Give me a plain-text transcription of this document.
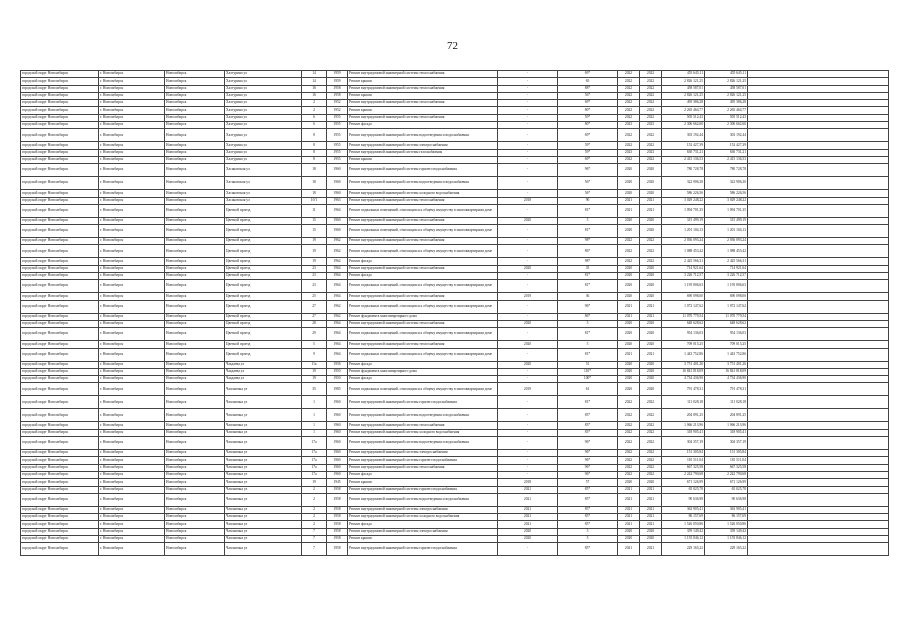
72
городской округ Новосибирск	г. Новосибирск	Новосибирск	Халтурина ул	14	1959	Ремонт внутридомовой инженерной системы теплоснабжения	-	69*	2022	2022	455 645,11	455 645,11	
городской округ Новосибирск	г. Новосибирск	Новосибирск	Халтурина ул	14	1959	Ремонт крыши	-	65	2022	2022	2 826 121,25	2 826 121,25	
городской округ Новосибирск	г. Новосибирск	Новосибирск	Халтурина ул	16	1958	Ремонт внутридомовой инженерной системы теплоснабжения	-	88*	2022	2022	458 587,01	458 587,01	
городской округ Новосибирск	г. Новосибирск	Новосибирск	Халтурина ул	16	1958	Ремонт крыши	-	56*	2022	2022	2 826 121,25	2 826 121,25	
городской округ Новосибирск	г. Новосибирск	Новосибирск	Халтурина ул	2	1952	Ремонт внутридомовой инженерной системы теплоснабжения	-	69*	2022	2022	495 386,28	495 386,28	
городской округ Новосибирск	г. Новосибирск	Новосибирск	Халтурина ул	2	1952	Ремонт крыши	-	80*	2022	2022	2 265 464,77	2 265 464,77	
городской округ Новосибирск	г. Новосибирск	Новосибирск	Халтурина ул	6	1955	Ремонт внутридомовой инженерной системы теплоснабжения	-	59*	2022	2022	505 512,43	505 512,43	
городской округ Новосибирск	г. Новосибирск	Новосибирск	Халтурина ул	6	1955	Ремонт фасада	-	80*	2023	2023	2 306 662,60	2 306 662,60	
городской округ Новосибирск	г. Новосибирск	Новосибирск	Халтурина ул	8	1955	Ремонт внутридомовой инженерной системы водоотведения и водоснабжения	-	69*	2022	2022	303 192,44	303 192,44	
городской округ Новосибирск	г. Новосибирск	Новосибирск	Халтурина ул	8	1955	Ремонт внутридомовой инженерной системы электроснабжения	-	59*	2022	2022	152 427,39	152 427,39	
городской округ Новосибирск	г. Новосибирск	Новосибирск	Халтурина ул	8	1955	Ремонт внутридомовой инженерной системы газоснабжения	-	59*	2023	2023	630 731,21	630 731,21	
городской округ Новосибирск	г. Новосибирск	Новосибирск	Халтурина ул	8	1955	Ремонт крыши	-	69*	2022	2022	2 415 136,53	2 415 136,53	
городской округ Новосибирск	г. Новосибирск	Новосибирск	Хасановская ул	18	1960	Ремонт внутридомовой инженерной системы горячего водоснабжения	-	96*	2020	2020	780 728,78	780 728,78	
городской округ Новосибирск	г. Новосибирск	Новосибирск	Хасановская ул	18	1960	Ремонт внутридомовой инженерной системы водоотведения и водоснабжения	-	56*	2020	2020	322 906,30	322 906,30	
городской округ Новосибирск	г. Новосибирск	Новосибирск	Хасановская ул	18	1960	Ремонт внутридомовой инженерной системы холодного водоснабжения	-	56*	2020	2020	586 226,56	586 226,56	
городской округ Новосибирск	г. Новосибирск	Новосибирск	Хасановская ул	10/1	1963	Ремонт внутридомовой инженерной системы теплоснабжения	2018	90	2021	2021	3 029 248,22	3 029 248,22	
городской округ Новосибирск	г. Новосибирск	Новосибирск	Цветной проезд	11	1964	Ремонт подвальных помещений, относящихся к общему имуществу в многоквартирном доме	-	81*	2021	2021	1 094 701,35	1 094 701,35	
городской округ Новосибирск	г. Новосибирск	Новосибирск	Цветной проезд	15	1960	Ремонт внутридомовой инженерной системы теплоснабжения	2020	5	2020	2020	315 499,19	315 499,19	
городской округ Новосибирск	г. Новосибирск	Новосибирск	Цветной проезд	15	1960	Ремонт подвальных помещений, относящихся к общему имуществу в многоквартирном доме	-	81*	2020	2020	1 201 104,13	1 201 104,13	
городской округ Новосибирск	г. Новосибирск	Новосибирск	Цветной проезд	19	1962	Ремонт внутридомовой инженерной системы теплоснабжения	-	98*	2022	2022	2 036 093,24	2 036 093,24	
городской округ Новосибирск	г. Новосибирск	Новосибирск	Цветной проезд	19	1962	Ремонт подвальных помещений, относящихся к общему имуществу в многоквартирном доме	-	86*	2022	2022	1 088 453,42	1 088 453,42	
городской округ Новосибирск	г. Новосибирск	Новосибирск	Цветной проезд	19	1962	Ремонт фасада	-	98*	2022	2022	2 425 566,31	2 425 566,31	
городской округ Новосибирск	г. Новосибирск	Новосибирск	Цветной проезд	23	1964	Ремонт внутридомовой инженерной системы теплоснабжения	2020	35	2020	2020	714 921,64	714 921,64	
городской округ Новосибирск	г. Новосибирск	Новосибирск	Цветной проезд	23	1964	Ремонт фасада	-	81*	2020	2020	3 226 712,57	3 226 712,57	
городской округ Новосибирск	г. Новосибирск	Новосибирск	Цветной проезд	23	1964	Ремонт подвальных помещений, относящихся к общему имуществу в многоквартирном доме	-	81*	2020	2020	1 195 806,63	1 195 806,63	
городской округ Новосибирск	г. Новосибирск	Новосибирск	Цветной проезд	25	1964	Ремонт внутридомовой инженерной системы теплоснабжения	2019	36	2020	2020	690 098,00	690 098,00	
городской округ Новосибирск	г. Новосибирск	Новосибирск	Цветной проезд	27	1962	Ремонт подвальных помещений, относящихся к общему имуществу в многоквартирном доме	-	96*	2021	2021	1 072 147,62	1 072 147,62	
городской округ Новосибирск	г. Новосибирск	Новосибирск	Цветной проезд	27	1962	Ремонт фундамента многоквартирного дома	-	86*	2021	2021	11 070 779,54	11 070 779,54	
городской округ Новосибирск	г. Новосибирск	Новосибирск	Цветной проезд	28	1964	Ремонт внутридомовой инженерной системы теплоснабжения	2020	5	2020	2020	648 628,62	648 628,62	
городской округ Новосибирск	г. Новосибирск	Новосибирск	Цветной проезд	29	1964	Ремонт подвальных помещений, относящихся к общему имуществу в многоквартирном доме	-	81*	2020	2020	954 136,03	954 136,03	
городской округ Новосибирск	г. Новосибирск	Новосибирск	Цветной проезд	5	1964	Ремонт внутридомовой инженерной системы теплоснабжения	2020	5	2020	2020	709 015,25	709 015,25	
городской округ Новосибирск	г. Новосибирск	Новосибирск	Цветной проезд	9	1964	Ремонт подвальных помещений, относящихся к общему имуществу в многоквартирном доме	-	81*	2021	2021	1 443 752,86	1 443 752,86	
городской округ Новосибирск	г. Новосибирск	Новосибирск	Чаадаева ул	11а	1956	Ремонт фасада	2020	51	2020	2020	3 751 401,26	3 751 401,26	
городской округ Новосибирск	г. Новосибирск	Новосибирск	Чаадаева ул	19	1950	Ремонт фундамента многоквартирного дома	-	110*	2020	2020	16 841 818,09	16 841 818,09	
городской округ Новосибирск	г. Новосибирск	Новосибирск	Чаадаева ул	19	1950	Ремонт фасада	-	100*	2020	2020	4 734 436,90	4 734 436,90	
городской округ Новосибирск	г. Новосибирск	Новосибирск	Чаплыгина ул	35	1985	Ремонт подвальных помещений, относящихся к общему имуществу в многоквартирном доме	2019	61	2020	2020	791 478,31	791 478,31	
городской округ Новосибирск	г. Новосибирск	Новосибирск	Чаплыгина ул	1	1960	Ремонт внутридомовой инженерной системы горячего водоснабжения	-	81*	2022	2022	111 028,18	111 028,18	
городской округ Новосибирск	г. Новосибирск	Новосибирск	Чаплыгина ул	1	1960	Ремонт внутридомовой инженерной системы водоотведения и водоснабжения	-	83*	2022	2022	204 891,25	204 891,25	
городской округ Новосибирск	г. Новосибирск	Новосибирск	Чаплыгина ул	1	1960	Ремонт внутридомовой инженерной системы теплоснабжения	-	83*	2022	2022	1 066 213,96	1 066 213,96	
городской округ Новосибирск	г. Новосибирск	Новосибирск	Чаплыгина ул	1	1960	Ремонт внутридомовой инженерной системы холодного водоснабжения	-	83*	2022	2022	318 905,41	318 905,41	
городской округ Новосибирск	г. Новосибирск	Новосибирск	Чаплыгина ул	17а	1960	Ремонт внутридомовой инженерной системы водоотведения и водоснабжения	-	96*	2022	2022	304 357,19	304 357,19	
городской округ Новосибирск	г. Новосибирск	Новосибирск	Чаплыгина ул	17а	1960	Ремонт внутридомовой инженерной системы электроснабжения	-	96*	2022	2022	151 305,84	151 305,84	
городской округ Новосибирск	г. Новосибирск	Новосибирск	Чаплыгина ул	17а	1960	Ремонт внутридомовой инженерной системы горячего водоснабжения	-	96*	2022	2022	181 511,04	181 511,04	
городской округ Новосибирск	г. Новосибирск	Новосибирск	Чаплыгина ул	17а	1960	Ремонт внутридомовой инженерной системы теплоснабжения	-	96*	2022	2022	667 325,58	667 325,58	
городской округ Новосибирск	г. Новосибирск	Новосибирск	Чаплыгина ул	17а	1960	Ремонт фасада	-	96*	2022	2022	2 242 790,68	2 242 790,68	
городской округ Новосибирск	г. Новосибирск	Новосибирск	Чаплыгина ул	19	1945	Ремонт крыши	2018	57	2020	2020	671 126,99	671 126,99	
городской округ Новосибирск	г. Новосибирск	Новосибирск	Чаплыгина ул	2	1958	Ремонт внутридомовой инженерной системы горячего водоснабжения	2021	85*	2021	2021	65 025,78	65 025,78	
городской округ Новосибирск	г. Новосибирск	Новосибирск	Чаплыгина ул	2	1958	Ремонт внутридомовой инженерной системы водоотведения и водоснабжения	2021	85*	2021	2021	90 636,98	90 636,98	
городской округ Новосибирск	г. Новосибирск	Новосибирск	Чаплыгина ул	2	1958	Ремонт внутридомовой инженерной системы электроснабжения	2021	85*	2021	2021	363 905,41	363 905,41	
городской округ Новосибирск	г. Новосибирск	Новосибирск	Чаплыгина ул	2	1958	Ремонт внутридомовой инженерной системы холодного водоснабжения	2021	85*	2021	2021	86 157,69	86 157,69	
городской округ Новосибирск	г. Новосибирск	Новосибирск	Чаплыгина ул	2	1958	Ремонт фасада	2021	85*	2021	2021	1 526 050,86	1 526 050,86	
городской округ Новосибирск	г. Новосибирск	Новосибирск	Чаплыгина ул	7	1958	Ремонт внутридомовой инженерной системы электроснабжения	2020	5	2020	2020	359 149,42	359 149,42	
городской округ Новосибирск	г. Новосибирск	Новосибирск	Чаплыгина ул	7	1958	Ремонт крыши	2020	5	2020	2020	1 155 846,12	1 155 846,12	
городской округ Новосибирск	г. Новосибирск	Новосибирск	Чаплыгина ул	7	1958	Ремонт внутридомовой инженерной системы горячего водоснабжения	-	85*	2021	2021	229 165,22	229 165,22	
